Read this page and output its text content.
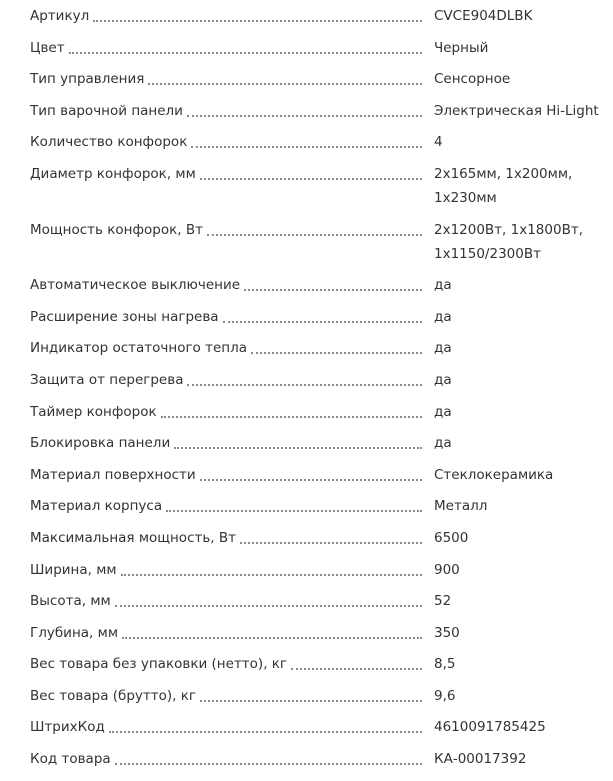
Артикул	CVCE904DLBK
Цвет	Черный
Тип управления	Сенсорное
Тип варочной панели	Электрическая Hi-Light
Количество конфорок	4
Диаметр конфорок, мм	2x165мм, 1x200мм,
1x230мм
Мощность конфорок, Вт	2x1200Вт, 1x1800Вт,
1x1150/2300Вт
Автоматическое выключение	да
Расширение зоны нагрева	да
Индикатор остаточного тепла	да
Защита от перегрева	да
Таймер конфорок	да
Блокировка панели	да
Материал поверхности	Стеклокерамика
Материал корпуса	Металл
Максимальная мощность, Вт	6500
Ширина, мм	900
Высота, мм	52
Глубина, мм	350
Вес товара без упаковки (нетто), кг	8,5
Вес товара (брутто), кг	9,6
ШтрихКод	4610091785425
Код товара	КА-00017392
